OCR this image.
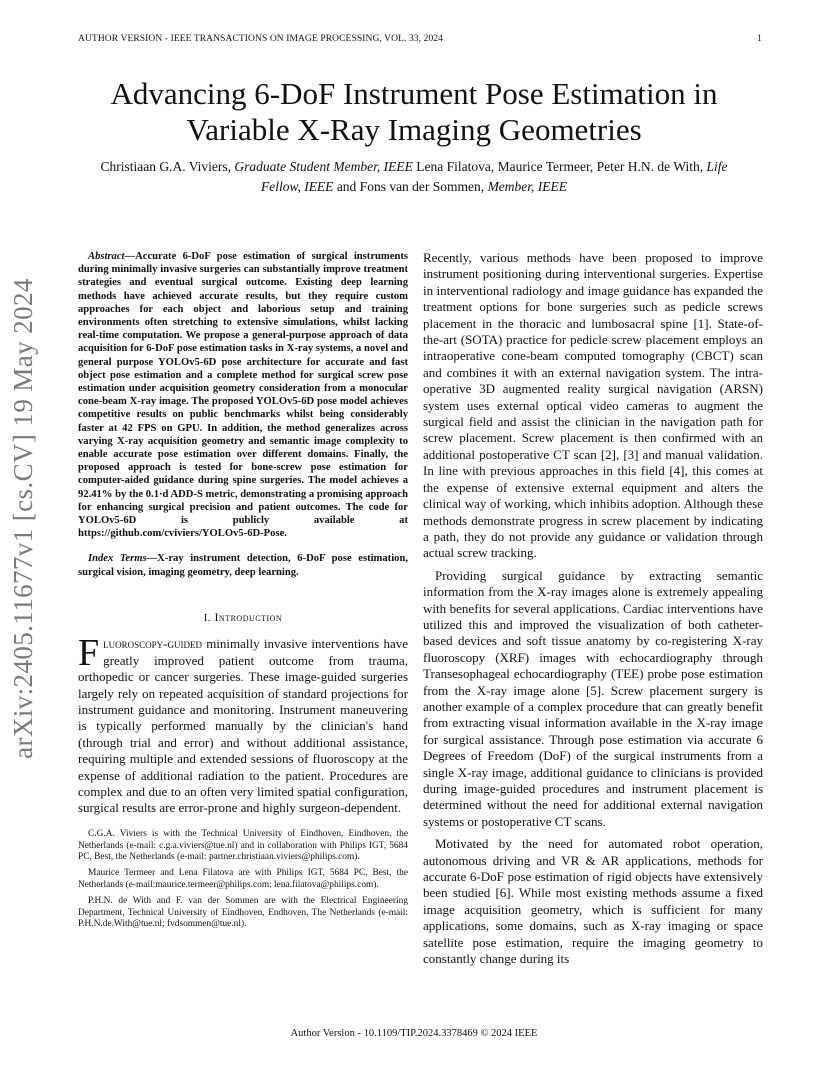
AUTHOR VERSION - IEEE TRANSACTIONS ON IMAGE PROCESSING, VOL. 33, 2024	1
arXiv:2405.11677v1 [cs.CV] 19 May 2024
Advancing 6-DoF Instrument Pose Estimation in Variable X-Ray Imaging Geometries
Christiaan G.A. Viviers, Graduate Student Member, IEEE Lena Filatova, Maurice Termeer, Peter H.N. de With, Life Fellow, IEEE and Fons van der Sommen, Member, IEEE

Abstract—Accurate 6-DoF pose estimation of surgical instruments during minimally invasive surgeries can substantially improve treatment strategies and eventual surgical outcome. Existing deep learning methods have achieved accurate results, but they require custom approaches for each object and laborious setup and training environments often stretching to extensive simulations, whilst lacking real-time computation. We propose a general-purpose approach of data acquisition for 6-DoF pose estimation tasks in X-ray systems, a novel and general purpose YOLOv5-6D pose architecture for accurate and fast object pose estimation and a complete method for surgical screw pose estimation under acquisition geometry consideration from a monocular cone-beam X-ray image. The proposed YOLOv5-6D pose model achieves competitive results on public benchmarks whilst being considerably faster at 42 FPS on GPU. In addition, the method generalizes across varying X-ray acquisition geometry and semantic image complexity to enable accurate pose estimation over different domains. Finally, the proposed approach is tested for bone-screw pose estimation for computer-aided guidance during spine surgeries. The model achieves a 92.41% by the 0.1·d ADD-S metric, demonstrating a promising approach for enhancing surgical precision and patient outcomes. The code for YOLOv5-6D is publicly available at https://github.com/cviviers/YOLOv5-6D-Pose.

Index Terms—X-ray instrument detection, 6-DoF pose estimation, surgical vision, imaging geometry, deep learning.

I. Introduction

Fluoroscopy-guided minimally invasive interventions have greatly improved patient outcome from trauma, orthopedic or cancer surgeries. These image-guided surgeries largely rely on repeated acquisition of standard projections for instrument guidance and monitoring. Instrument maneuvering is typically performed manually by the clinician's hand (through trial and error) and without additional assistance, requiring multiple and extended sessions of fluoroscopy at the expense of additional radiation to the patient. Procedures are complex and due to an often very limited spatial configuration, surgical results are error-prone and highly surgeon-dependent.

C.G.A. Viviers is with the Technical University of Eindhoven, Eindhoven, the Netherlands (e-mail: c.g.a.viviers@tue.nl) and in collaboration with Philips IGT, 5684 PC, Best, the Netherlands (e-mail: partner.christiaan.viviers@philips.com).

Maurice Termeer and Lena Filatova are with Philips IGT, 5684 PC, Best, the Netherlands (e-mail:maurice.termeer@philips.com; lena.filatova@philips.com).

P.H.N. de With and F. van der Sommen are with the Electrical Engineering Department, Technical University of Eindhoven, Endhoven, The Netherlands (e-mail: P.H.N.de.With@tue.nl; fvdsommen@tue.nl).

Recently, various methods have been proposed to improve instrument positioning during interventional surgeries. Expertise in interventional radiology and image guidance has expanded the treatment options for bone surgeries such as pedicle screws placement in the thoracic and lumbosacral spine [1]. State-of-the-art (SOTA) practice for pedicle screw placement employs an intraoperative cone-beam computed tomography (CBCT) scan and combines it with an external navigation system. The intra-operative 3D augmented reality surgical navigation (ARSN) system uses external optical video cameras to augment the surgical field and assist the clinician in the navigation path for screw placement. Screw placement is then confirmed with an additional postoperative CT scan [2], [3] and manual validation. In line with previous approaches in this field [4], this comes at the expense of extensive external equipment and alters the clinical way of working, which inhibits adoption. Although these methods demonstrate progress in screw placement by indicating a path, they do not provide any guidance or validation through actual screw tracking.

Providing surgical guidance by extracting semantic information from the X-ray images alone is extremely appealing with benefits for several applications. Cardiac interventions have utilized this and improved the visualization of both catheter-based devices and soft tissue anatomy by co-registering X-ray fluoroscopy (XRF) images with echocardiography through Transesophageal echocardiography (TEE) probe pose estimation from the X-ray image alone [5]. Screw placement surgery is another example of a complex procedure that can greatly benefit from extracting visual information available in the X-ray image for surgical assistance. Through pose estimation via accurate 6 Degrees of Freedom (DoF) of the surgical instruments from a single X-ray image, additional guidance to clinicians is provided during image-guided procedures and instrument placement is determined without the need for additional external navigation systems or postoperative CT scans.

Motivated by the need for automated robot operation, autonomous driving and VR & AR applications, methods for accurate 6-DoF pose estimation of rigid objects have extensively been studied [6]. While most existing methods assume a fixed image acquisition geometry, which is sufficient for many applications, some domains, such as X-ray imaging or space satellite pose estimation, require the imaging geometry to constantly change during its

Author Version - 10.1109/TIP.2024.3378469 © 2024 IEEE
